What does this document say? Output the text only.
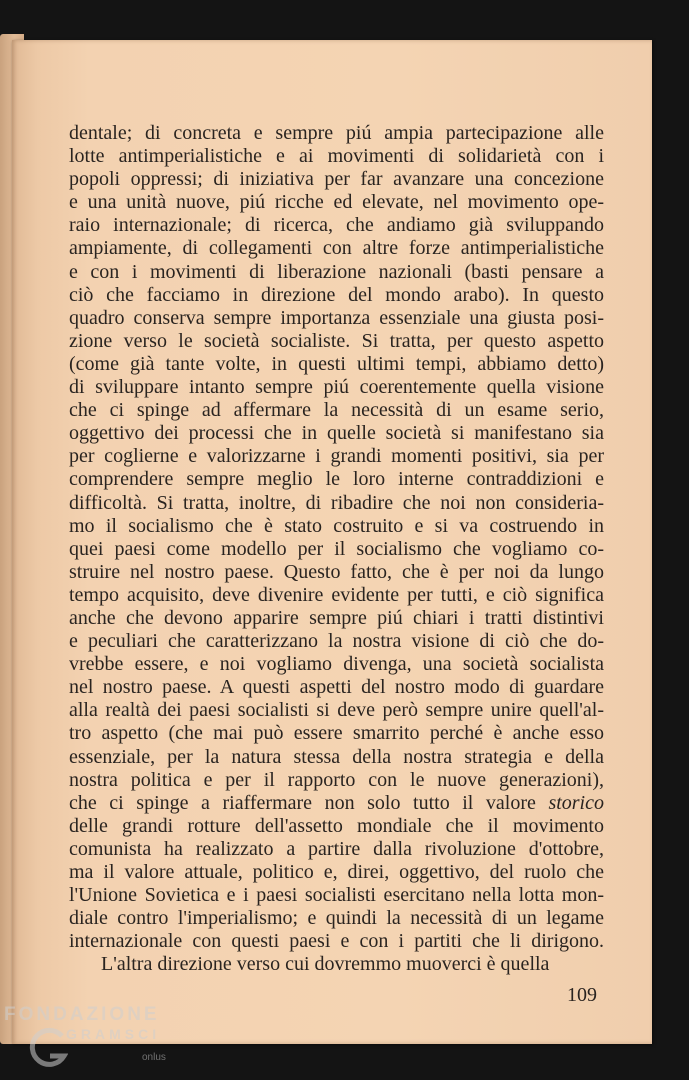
dentale; di concreta e sempre piú ampia partecipazione alle
lotte antimperialistiche e ai movimenti di solidarietà con i
popoli oppressi; di iniziativa per far avanzare una concezione
e una unità nuove, piú ricche ed elevate, nel movimento ope-
raio internazionale; di ricerca, che andiamo già sviluppando
ampiamente, di collegamenti con altre forze antimperialistiche
e con i movimenti di liberazione nazionali (basti pensare a
ciò che facciamo in direzione del mondo arabo). In questo
quadro conserva sempre importanza essenziale una giusta posi-
zione verso le società socialiste. Si tratta, per questo aspetto
(come già tante volte, in questi ultimi tempi, abbiamo detto)
di sviluppare intanto sempre piú coerentemente quella visione
che ci spinge ad affermare la necessità di un esame serio,
oggettivo dei processi che in quelle società si manifestano sia
per coglierne e valorizzarne i grandi momenti positivi, sia per
comprendere sempre meglio le loro interne contraddizioni e
difficoltà. Si tratta, inoltre, di ribadire che noi non consideria-
mo il socialismo che è stato costruito e si va costruendo in
quei paesi come modello per il socialismo che vogliamo co-
struire nel nostro paese. Questo fatto, che è per noi da lungo
tempo acquisito, deve divenire evidente per tutti, e ciò significa
anche che devono apparire sempre piú chiari i tratti distintivi
e peculiari che caratterizzano la nostra visione di ciò che do-
vrebbe essere, e noi vogliamo divenga, una società socialista
nel nostro paese. A questi aspetti del nostro modo di guardare
alla realtà dei paesi socialisti si deve però sempre unire quell'al-
tro aspetto (che mai può essere smarrito perché è anche esso
essenziale, per la natura stessa della nostra strategia e della
nostra politica e per il rapporto con le nuove generazioni),
che ci spinge a riaffermare non solo tutto il valore storico
delle grandi rotture dell'assetto mondiale che il movimento
comunista ha realizzato a partire dalla rivoluzione d'ottobre,
ma il valore attuale, politico e, direi, oggettivo, del ruolo che
l'Unione Sovietica e i paesi socialisti esercitano nella lotta mon-
diale contro l'imperialismo; e quindi la necessità di un legame
internazionale con questi paesi e con i partiti che li dirigono.
L'altra direzione verso cui dovremmo muoverci è quella
109
FONDAZIONE
GRAMSCI
onlus
